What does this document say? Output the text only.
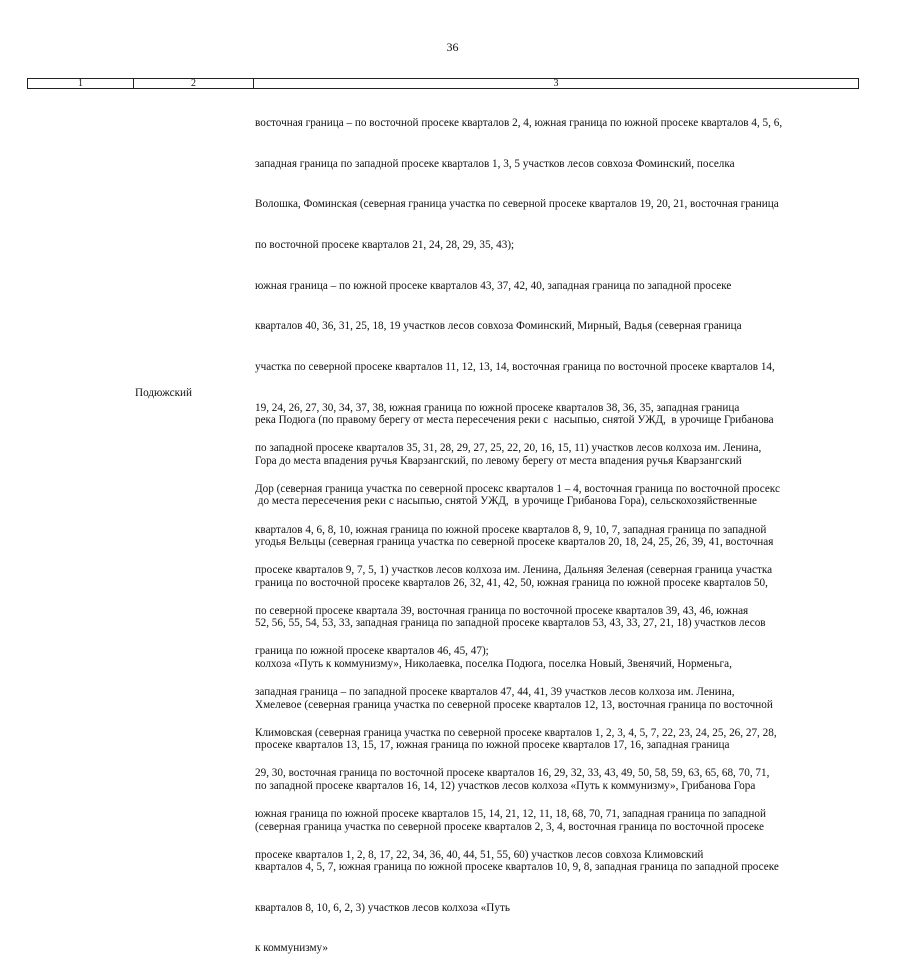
36
1	2	3

восточная граница – по восточной просеке кварталов 2, 4, южная граница по южной просеке кварталов 4, 5, 6,

западная граница по западной просеке кварталов 1, 3, 5 участков лесов совхоза Фоминский, поселка

Волошка, Фоминская (северная граница участка по северной просеке кварталов 19, 20, 21, восточная граница

по восточной просеке кварталов 21, 24, 28, 29, 35, 43);

южная граница – по южной просеке кварталов 43, 37, 42, 40, западная граница по западной просеке

кварталов 40, 36, 31, 25, 18, 19 участков лесов совхоза Фоминский, Мирный, Вадья (северная граница

участка по северной просеке кварталов 11, 12, 13, 14, восточная граница по восточной просеке кварталов 14,

19, 24, 26, 27, 30, 34, 37, 38, южная граница по южной просеке кварталов 38, 36, 35, западная граница

по западной просеке кварталов 35, 31, 28, 29, 27, 25, 22, 20, 16, 15, 11) участков лесов колхоза им. Ленина,

Дор (северная граница участка по северной просекс кварталов 1 – 4, восточная граница по восточной просекс

кварталов 4, 6, 8, 10, южная граница по южной просеке кварталов 8, 9, 10, 7, западная граница по западной

просеке кварталов 9, 7, 5, 1) участков лесов колхоза им. Ленина, Дальняя Зеленая (северная граница участка

по северной просеке квартала 39, восточная граница по восточной просеке кварталов 39, 43, 46, южная

граница по южной просеке кварталов 46, 45, 47);

западная граница – по западной просеке кварталов 47, 44, 41, 39 участков лесов колхоза им. Ленина,

Климовская (северная граница участка по северной просеке кварталов 1, 2, 3, 4, 5, 7, 22, 23, 24, 25, 26, 27, 28,

29, 30, восточная граница по восточной просеке кварталов 16, 29, 32, 33, 43, 49, 50, 58, 59, 63, 65, 68, 70, 71,

южная граница по южной просеке кварталов 15, 14, 21, 12, 11, 18, 68, 70, 71, западная граница по западной

просеке кварталов 1, 2, 8, 17, 22, 34, 36, 40, 44, 51, 55, 60) участков лесов совхоза Климовский

Подюжский

река Подюга (по правому берегу от места пересечения реки с  насыпью, снятой УЖД,  в урочище Грибанова

Гора до места впадения ручья Кварзангский, по левому берегу от места впадения ручья Кварзангский

до места пересечения реки с насыпью, снятой УЖД,  в урочище Грибанова Гора), сельскохозяйственные

угодья Вельцы (северная граница участка по северной просеке кварталов 20, 18, 24, 25, 26, 39, 41, восточная

граница по восточной просеке кварталов 26, 32, 41, 42, 50, южная граница по южной просеке кварталов 50,

52, 56, 55, 54, 53, 33, западная граница по западной просеке кварталов 53, 43, 33, 27, 21, 18) участков лесов

колхоза «Путь к коммунизму», Николаевка, поселка Подюга, поселка Новый, Звенячий, Норменьга,

Хмелевое (северная граница участка по северной просеке кварталов 12, 13, восточная граница по восточной

просеке кварталов 13, 15, 17, южная граница по южной просеке кварталов 17, 16, западная граница

по западной просеке кварталов 16, 14, 12) участков лесов колхоза «Путь к коммунизму», Грибанова Гора

(северная граница участка по северной просеке кварталов 2, 3, 4, восточная граница по восточной просеке

кварталов 4, 5, 7, южная граница по южной просеке кварталов 10, 9, 8, западная граница по западной просеке

кварталов 8, 10, 6, 2, 3) участков лесов колхоза «Путь

к коммунизму»
